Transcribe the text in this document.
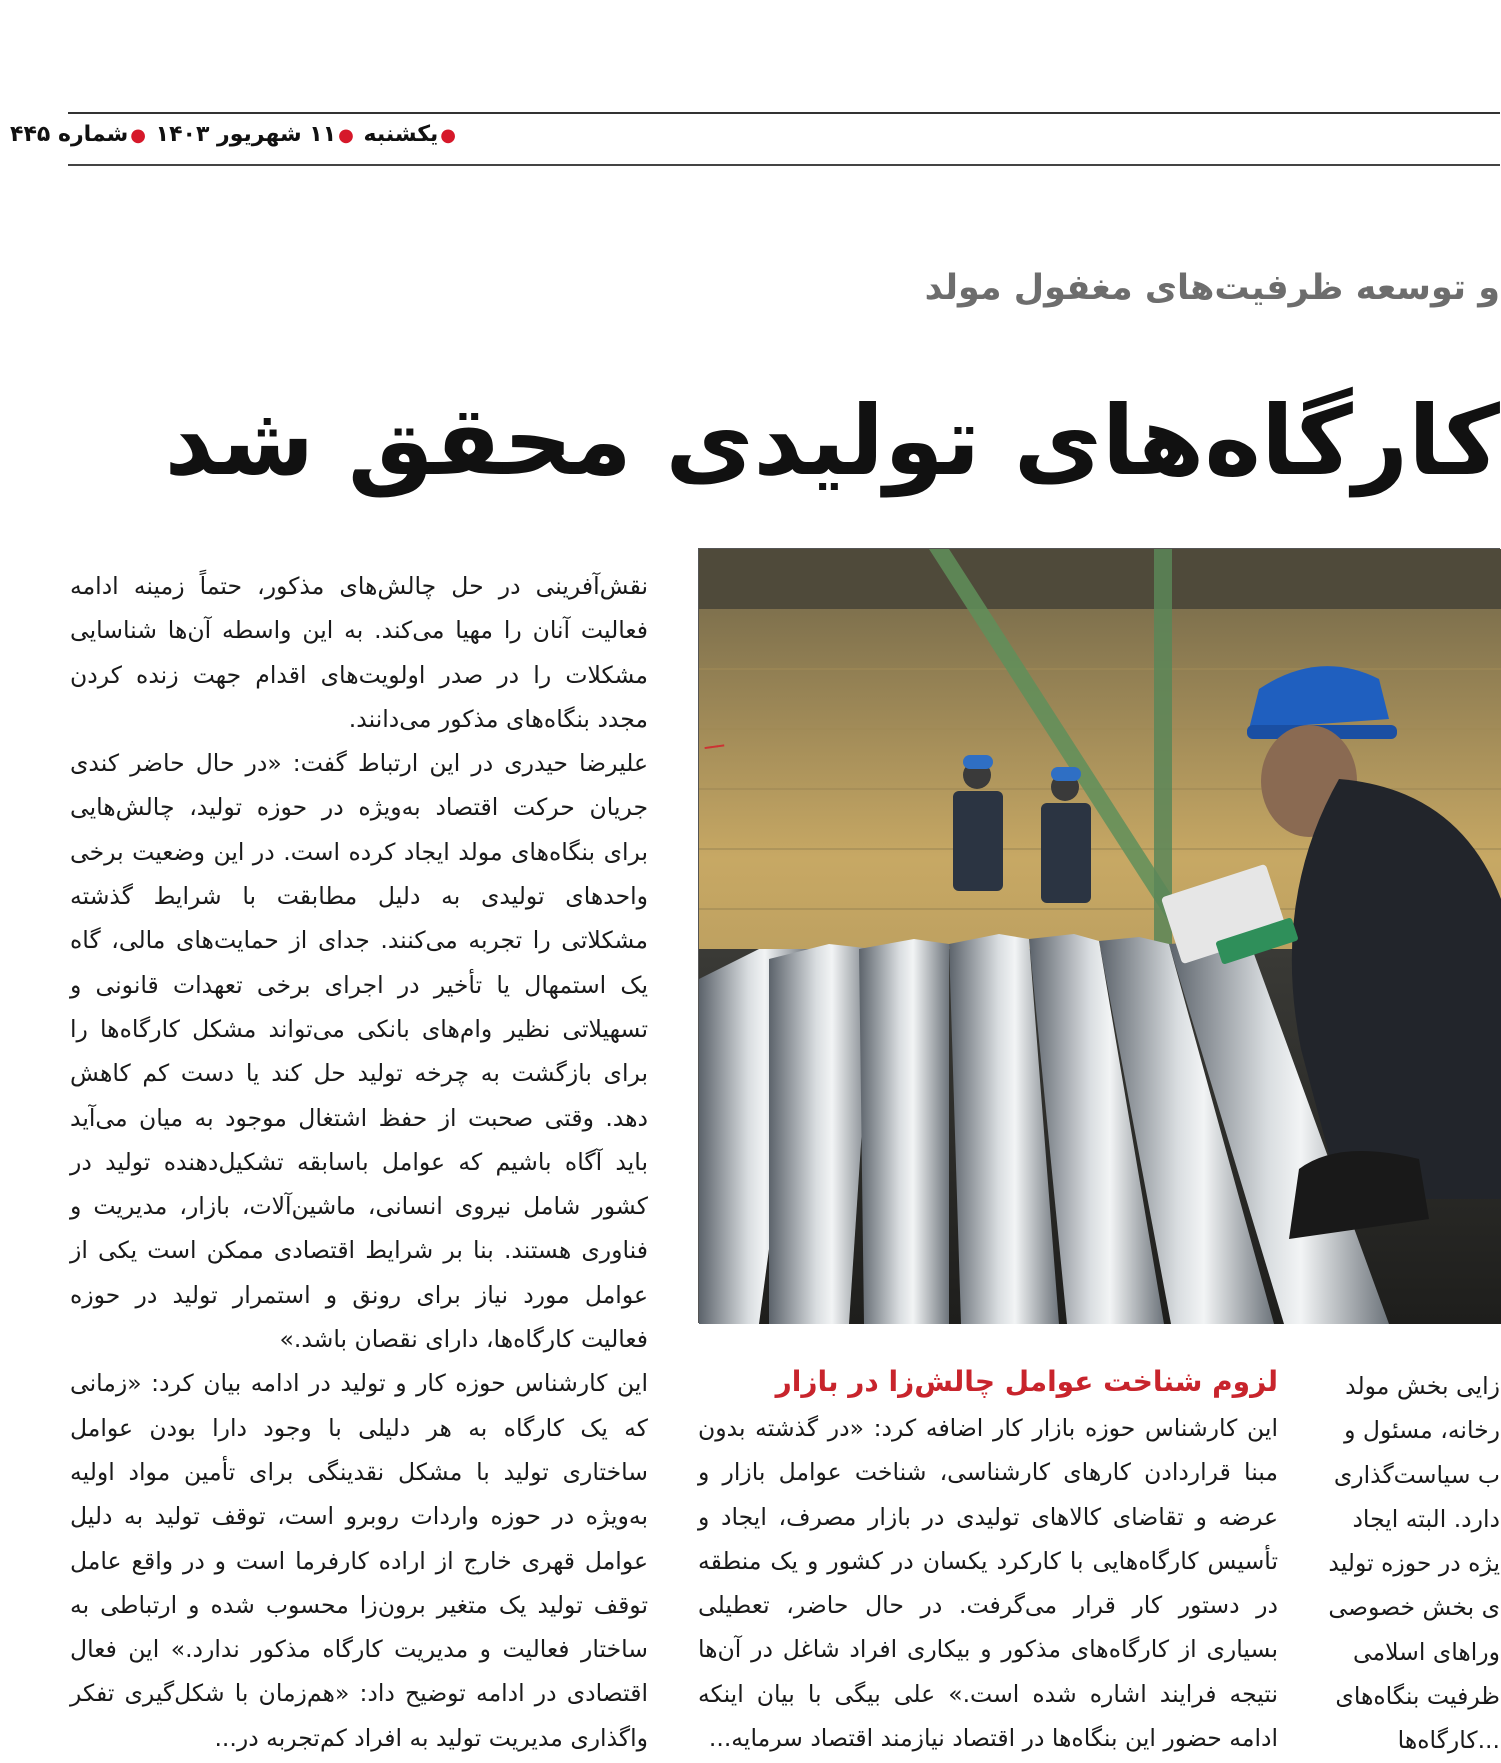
●یکشنبه ●۱۱ شهریور ۱۴۰۳ ●شماره ۴۴۵
و توسعه ظرفیت‌های مغفول مولد
کارگاه‌های تولیدی محقق شد
ـــ

نقش‌آفرینی در حل چالش‌های مذکور، حتماً زمینه ادامه فعالیت آنان را مهیا می‌کند. به این واسطه آن‌ها شناسایی مشکلات را در صدر اولویت‌های اقدام جهت زنده کردن مجدد بنگاه‌های مذکور می‌دانند.

علیرضا حیدری در این ارتباط گفت: «در حال حاضر کندی جریان حرکت اقتصاد به‌ویژه در حوزه تولید، چالش‌هایی برای بنگاه‌های مولد ایجاد کرده است. در این وضعیت برخی واحدهای تولیدی به دلیل مطابقت با شرایط گذشته مشکلاتی را تجربه می‌کنند. جدای از حمایت‌های مالی، گاه یک استمهال یا تأخیر در اجرای برخی تعهدات قانونی و تسهیلاتی نظیر وام‌های بانکی می‌تواند مشکل کارگاه‌ها را برای بازگشت به چرخه تولید حل کند یا دست کم کاهش دهد. وقتی صحبت از حفظ اشتغال موجود به میان می‌آید باید آگاه باشیم که عوامل باسابقه تشکیل‌دهنده تولید در کشور شامل نیروی انسانی، ماشین‌آلات، بازار، مدیریت و فناوری هستند. بنا بر شرایط اقتصادی ممکن است یکی از عوامل مورد نیاز برای رونق و استمرار تولید در حوزه فعالیت کارگاه‌ها، دارای نقصان باشد.»

این کارشناس حوزه کار و تولید در ادامه بیان کرد: «زمانی که یک کارگاه به هر دلیلی با وجود دارا بودن عوامل ساختاری تولید با مشکل نقدینگی برای تأمین مواد اولیه به‌ویژه در حوزه واردات روبرو است، توقف تولید به دلیل عوامل قهری خارج از اراده کارفرما است و در واقع عامل توقف تولید یک متغیر برون‌زا محسوب شده و ارتباطی به ساختار فعالیت و مدیریت کارگاه مذکور ندارد.» این فعال اقتصادی در ادامه توضیح داد: «هم‌زمان با شکل‌گیری تفکر واگذاری مدیریت تولید به افراد کم‌تجربه در...

لزوم شناخت عوامل چالش‌زا در بازار

این کارشناس حوزه بازار کار اضافه کرد: «در گذشته بدون مبنا قراردادن کارهای کارشناسی، شناخت عوامل بازار و عرضه و تقاضای کالاهای تولیدی در بازار مصرف، ایجاد و تأسیس کارگاه‌هایی با کارکرد یکسان در کشور و یک منطقه در دستور کار قرار می‌گرفت. در حال حاضر، تعطیلی بسیاری از کارگاه‌های مذکور و بیکاری افراد شاغل در آن‌ها نتیجه فرایند اشاره شده است.» علی بیگی با بیان اینکه ادامه حضور این بنگاه‌ها در اقتصاد نیازمند اقتصاد سرمایه...

زایی بخش مولد
رخانه، مسئول و
ب سیاست‌گذاری
دارد. البته ایجاد
یژه در حوزه تولید
ی بخش خصوصی
وراهای اسلامی
ظرفیت بنگاه‌های
...کارگاه‌ها
